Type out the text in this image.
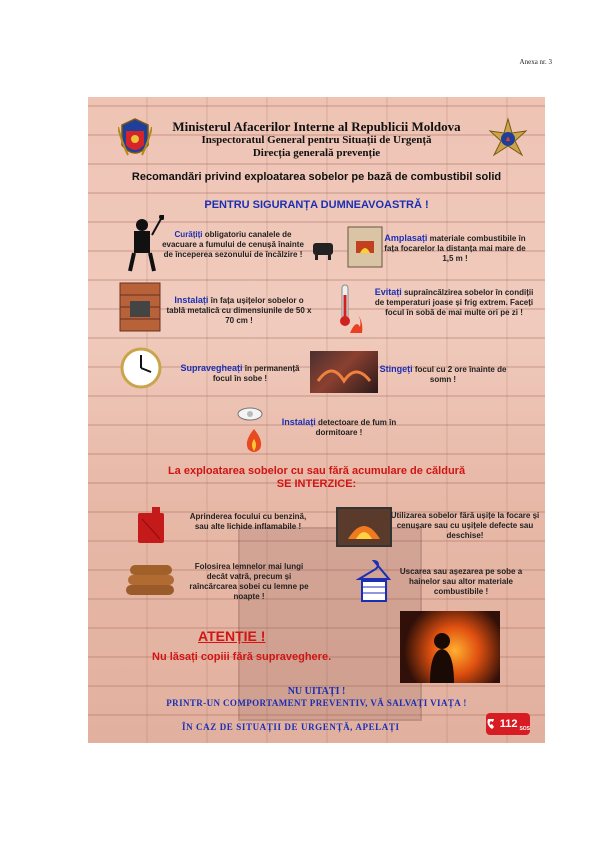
Anexa nr. 3
Ministerul Afacerilor Interne al Republicii Moldova
Inspectoratul General pentru Situații de Urgență
Direcția generală prevenție
Recomandări privind exploatarea sobelor pe bază de combustibil solid
PENTRU SIGURANȚA DUMNEAVOASTRĂ !
Curățiți obligatoriu canalele de evacuare a fumului de cenușă înainte de începerea sezonului de încălzire !
Amplasați materiale combustibile în fața focarelor la distanța mai mare de 1,5 m !
Instalați în fața ușițelor sobelor o tablă metalică cu dimensiunile de 50 x 70 cm !
Evitați supraîncălzirea sobelor în condiții de temperaturi joase și frig extrem. Faceți focul în sobă de mai multe ori pe zi !
Supravegheați în permanență focul în sobe !
Stingeți focul cu 2 ore înainte de somn !
Instalați detectoare de fum în dormitoare !
La exploatarea sobelor cu sau fără acumulare de căldură
SE INTERZICE:
Aprinderea focului cu benzină, sau alte lichide inflamabile !
Utilizarea sobelor fără ușițe la focare și cenușare sau cu ușițele defecte sau deschise!
Folosirea lemnelor mai lungi decât vatră, precum și raîncărcarea sobei cu lemne pe noapte !
Uscarea sau așezarea pe sobe a hainelor sau altor materiale combustibile !
ATENȚIE !
Nu lăsați copiii fără supraveghere.
NU UITAȚI !
PRINTR-UN COMPORTAMENT PREVENTIV, VĂ SALVAȚI VIAȚA !
ÎN CAZ DE SITUAȚII DE URGENȚĂ, APELAȚI	112 SOS
